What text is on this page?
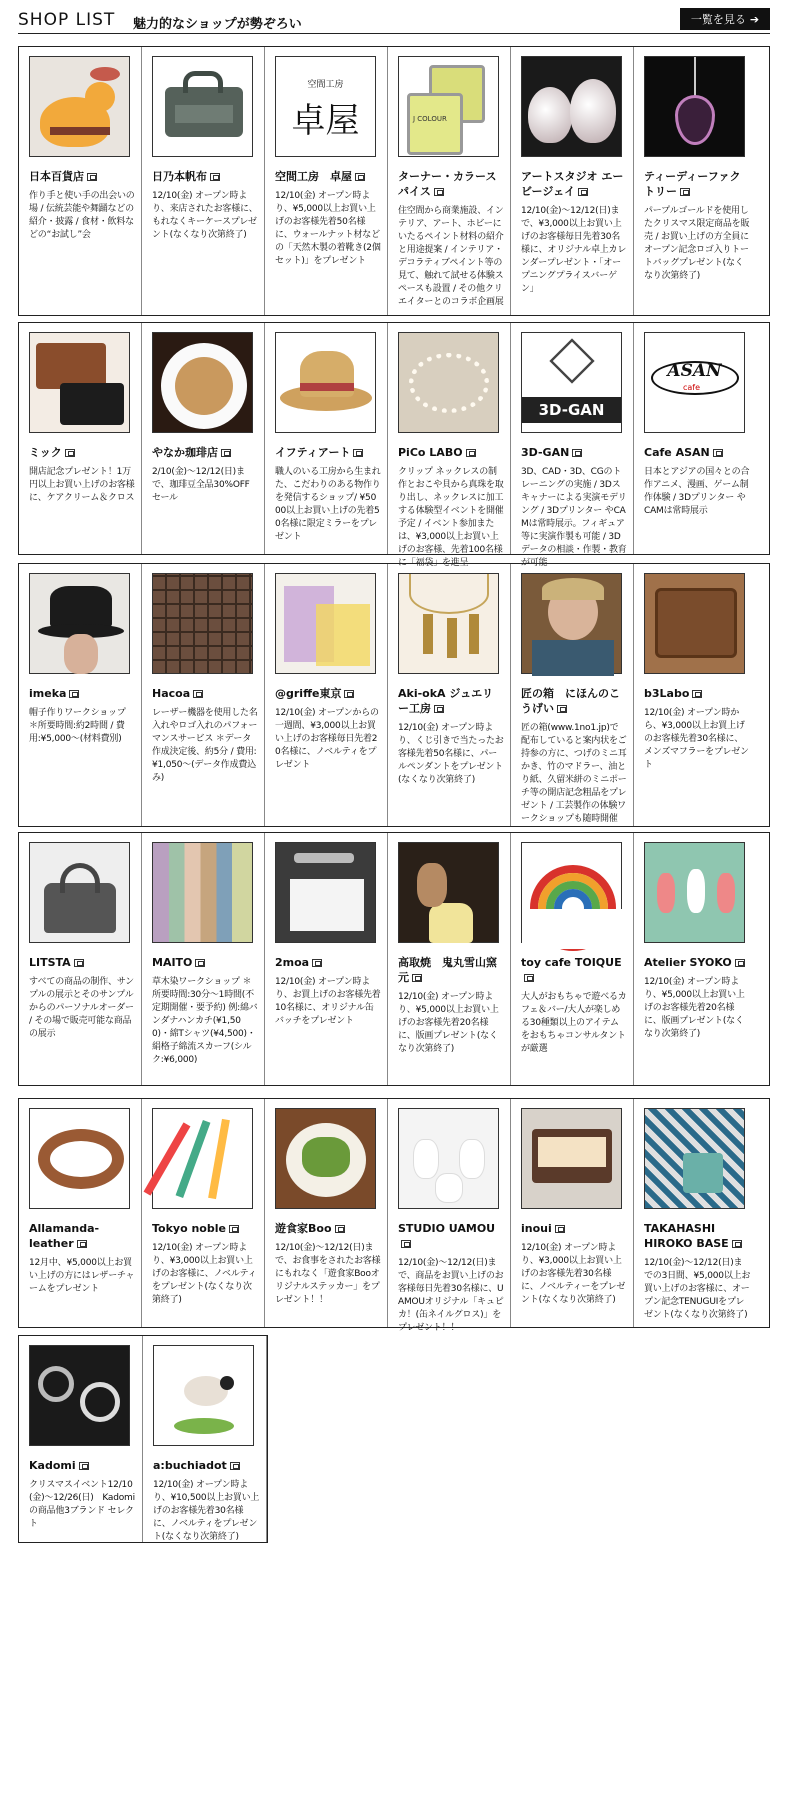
SHOP LIST 魅力的なショップが勢ぞろい	一覧を見る ➔
日本百貨店
作り手と使い手の出会いの場 / 伝統芸能や舞踊などの紹介・披露 / 食材・飲料などの“お試し”会
日乃本帆布
12/10(金) オープン時より、来店されたお客様に、もれなくキーケースプレゼント(なくなり次第終了)
空間工房
卓屋
空間工房　卓屋
12/10(金) オープン時より、¥5,000以上お買い上げのお客様先着50名様に、ウォールナット材などの「天然木製の着靴き(2個セット)」をプレゼント
J COLOUR
ターナー・カラースパイス
住空間から商業施設、インテリア、アート、ホビーにいたるペイント材料の紹介と用途提案 / インテリア・デコラティブペイント等の見て、触れて試せる体験スペースも設置 / その他クリエイターとのコラボ企画展
アートスタジオ エービージェイ
12/10(金)～12/12(日)まで、¥3,000以上お買い上げのお客様毎日先着30名様に、オリジナル卓上カレンダープレゼント・「オープニングプライスバーゲン」
ティーディーファクトリー
パープルゴールドを使用したクリスマス限定商品を販売 / お買い上げの方全員にオープン記念ロゴ入りトートバッグプレゼント(なくなり次第終了)
ミック
開店記念プレゼント！1万円以上お買い上げのお客様に、ケアクリーム＆クロス
やなか珈琲店
2/10(金)～12/12(日)まで、珈琲豆全品30%OFFセール
イフティアート
職人のいる工房から生まれた、こだわりのある物作りを発信するショップ/ ¥5000以上お買い上げの先着50名様に限定ミラーをプレゼント
PiCo LABO
クリップ ネックレスの制作とおこや貝から真珠を取り出し、ネックレスに加工する体験型イベントを開催予定 / イベント参加または、¥3,000以上お買い上げのお客様、先着100名様に「福袋」を進呈
3D-GAN
3D-GAN
3D、CAD・3D、CGのトレーニングの実施 / 3Dスキャナーによる実演モデリング / 3Dプリンター やCAMは常時展示。フィギュア等に実演作製も可能 / 3Dデータの相談・作製・教育が可能
ASAN
cafe
Cafe ASAN
日本とアジアの国々との合作アニメ、漫画、ゲーム制作体験 / 3Dプリンター やCAMは常時展示
imeka
帽子作りワークショップ ＊所要時間:約2時間 / 費用:¥5,000～(材料費別)
Hacoa
レーザー機器を使用した名入れやロゴ入れのパフォーマンスサービス ＊データ作成決定後、約5分 / 費用:¥1,050～(データ作成費込み)
@griffe東京
12/10(金) オープンからの一週間、¥3,000以上お買い上げのお客様毎日先着20名様に、ノベルティをプレゼント
Aki-okA ジュエリー工房
12/10(金) オープン時より、くじ引きで当たったお客様先着50名様に、パールペンダントをプレゼント(なくなり次第終了)
匠の箱　にほんのこうげい
匠の箱(www.1no1.jp)で配布していると案内状をご持参の方に、つげのミニ耳かき、竹のマドラー、油とり紙、久留米絣のミニポーチ等の開店記念粗品をプレゼント / 工芸製作の体験ワークショップも随時開催
b3Labo
12/10(金) オープン時から、¥3,000以上お買上げのお客様先着30名様に、メンズマフラーをプレゼント
LITSTA
すべての商品の制作、サンプルの展示とそのサンプルからのパーソナルオーダー / その場で販売可能な商品の展示
MAITO
草木染ワークショップ ＊所要時間:30分～1時間(不定期開催・要予約) 例:綿バンダナハンカチ(¥1,500)・綿Tシャツ(¥4,500)・絹格子綿流スカーフ(シルク:¥6,000)
2moa
12/10(金) オープン時より、お買上げのお客様先着10名様に、オリジナル缶バッチをプレゼント
高取焼　鬼丸雪山窯元
12/10(金) オープン時より、¥5,000以上お買い上げのお客様先着20名様に、版画プレゼント(なくなり次第終了)
toy cafe TOIQUE
大人がおもちゃで遊べるカフェ＆バー/大人が楽しめる30種類以上のアイテムをおもちゃコンサルタントが厳選
Atelier SYOKO
12/10(金) オープン時より、¥5,000以上お買い上げのお客様先着20名様に、版画プレゼント(なくなり次第終了)
Allamanda-leather
12月中、¥5,000以上お買い上げの方にはレザーチャームをプレゼント
Tokyo noble
12/10(金) オープン時より、¥3,000以上お買い上げのお客様に、ノベルティをプレゼント(なくなり次第終了)
遊食家Boo
12/10(金)～12/12(日)まで、お食事をされたお客様にもれなく「遊食家Booオリジナルステッカー」をプレゼント！！
STUDIO UAMOU
12/10(金)～12/12(日)まで、商品をお買い上げのお客様毎日先着30名様に、UAMOUオリジナル「キュピカ！(缶ネイルグロス)」をプレゼント！！
inoui
12/10(金) オープン時より、¥3,000以上お買い上げのお客様先着30名様に、ノベルティーをプレゼント(なくなり次第終了)
TAKAHASHI HIROKO BASE
12/10(金)～12/12(日)までの3日間、¥5,000以上お買い上げのお客様に、オープン記念TENUGUIをプレゼント(なくなり次第終了)
Kadomi
クリスマスイベント12/10(金)～12/26(日)　Kadomiの商品他3ブランド セレクト
a:buchiadot
12/10(金) オープン時より、¥10,500以上お買い上げのお客様先着30名様に、ノベルティをプレゼント(なくなり次第終了)
